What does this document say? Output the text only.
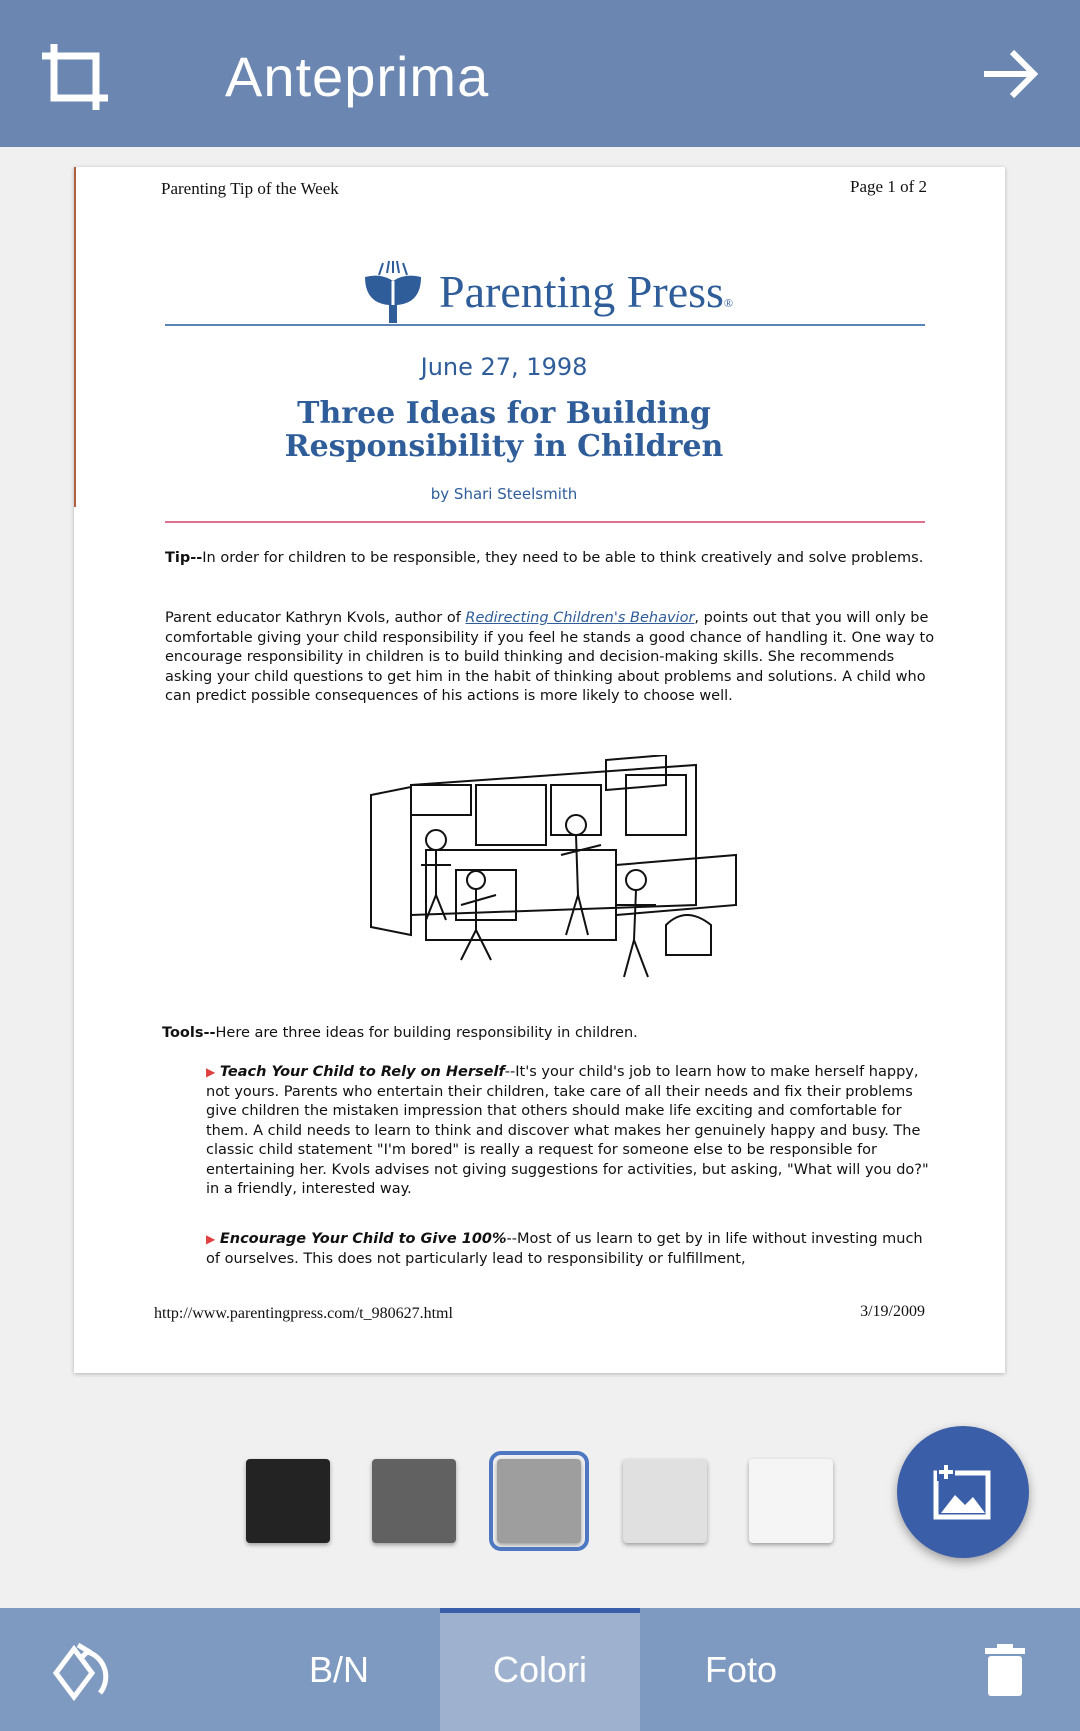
Anteprima
Parenting Tip of the Week	Page 1 of 2
Parenting Press®
June 27, 1998
Three Ideas for Building Responsibility in Children
by Shari Steelsmith
Tip--In order for children to be responsible, they need to be able to think creatively and solve problems.
Parent educator Kathryn Kvols, author of Redirecting Children's Behavior, points out that you will only be comfortable giving your child responsibility if you feel he stands a good chance of handling it. One way to encourage responsibility in children is to build thinking and decision-making skills. She recommends asking your child questions to get him in the habit of thinking about problems and solutions. A child who can predict possible consequences of his actions is more likely to choose well.
Tools--Here are three ideas for building responsibility in children.
▶ Teach Your Child to Rely on Herself--It's your child's job to learn how to make herself happy, not yours. Parents who entertain their children, take care of all their needs and fix their problems give children the mistaken impression that others should make life exciting and comfortable for them. A child needs to learn to think and discover what makes her genuinely happy and busy. The classic child statement "I'm bored" is really a request for someone else to be responsible for entertaining her. Kvols advises not giving suggestions for activities, but asking, "What will you do?" in a friendly, interested way.
▶ Encourage Your Child to Give 100%--Most of us learn to get by in life without investing much of ourselves. This does not particularly lead to responsibility or fulfillment,
http://www.parentingpress.com/t_980627.html	3/19/2009
B/N	Colori	Foto
